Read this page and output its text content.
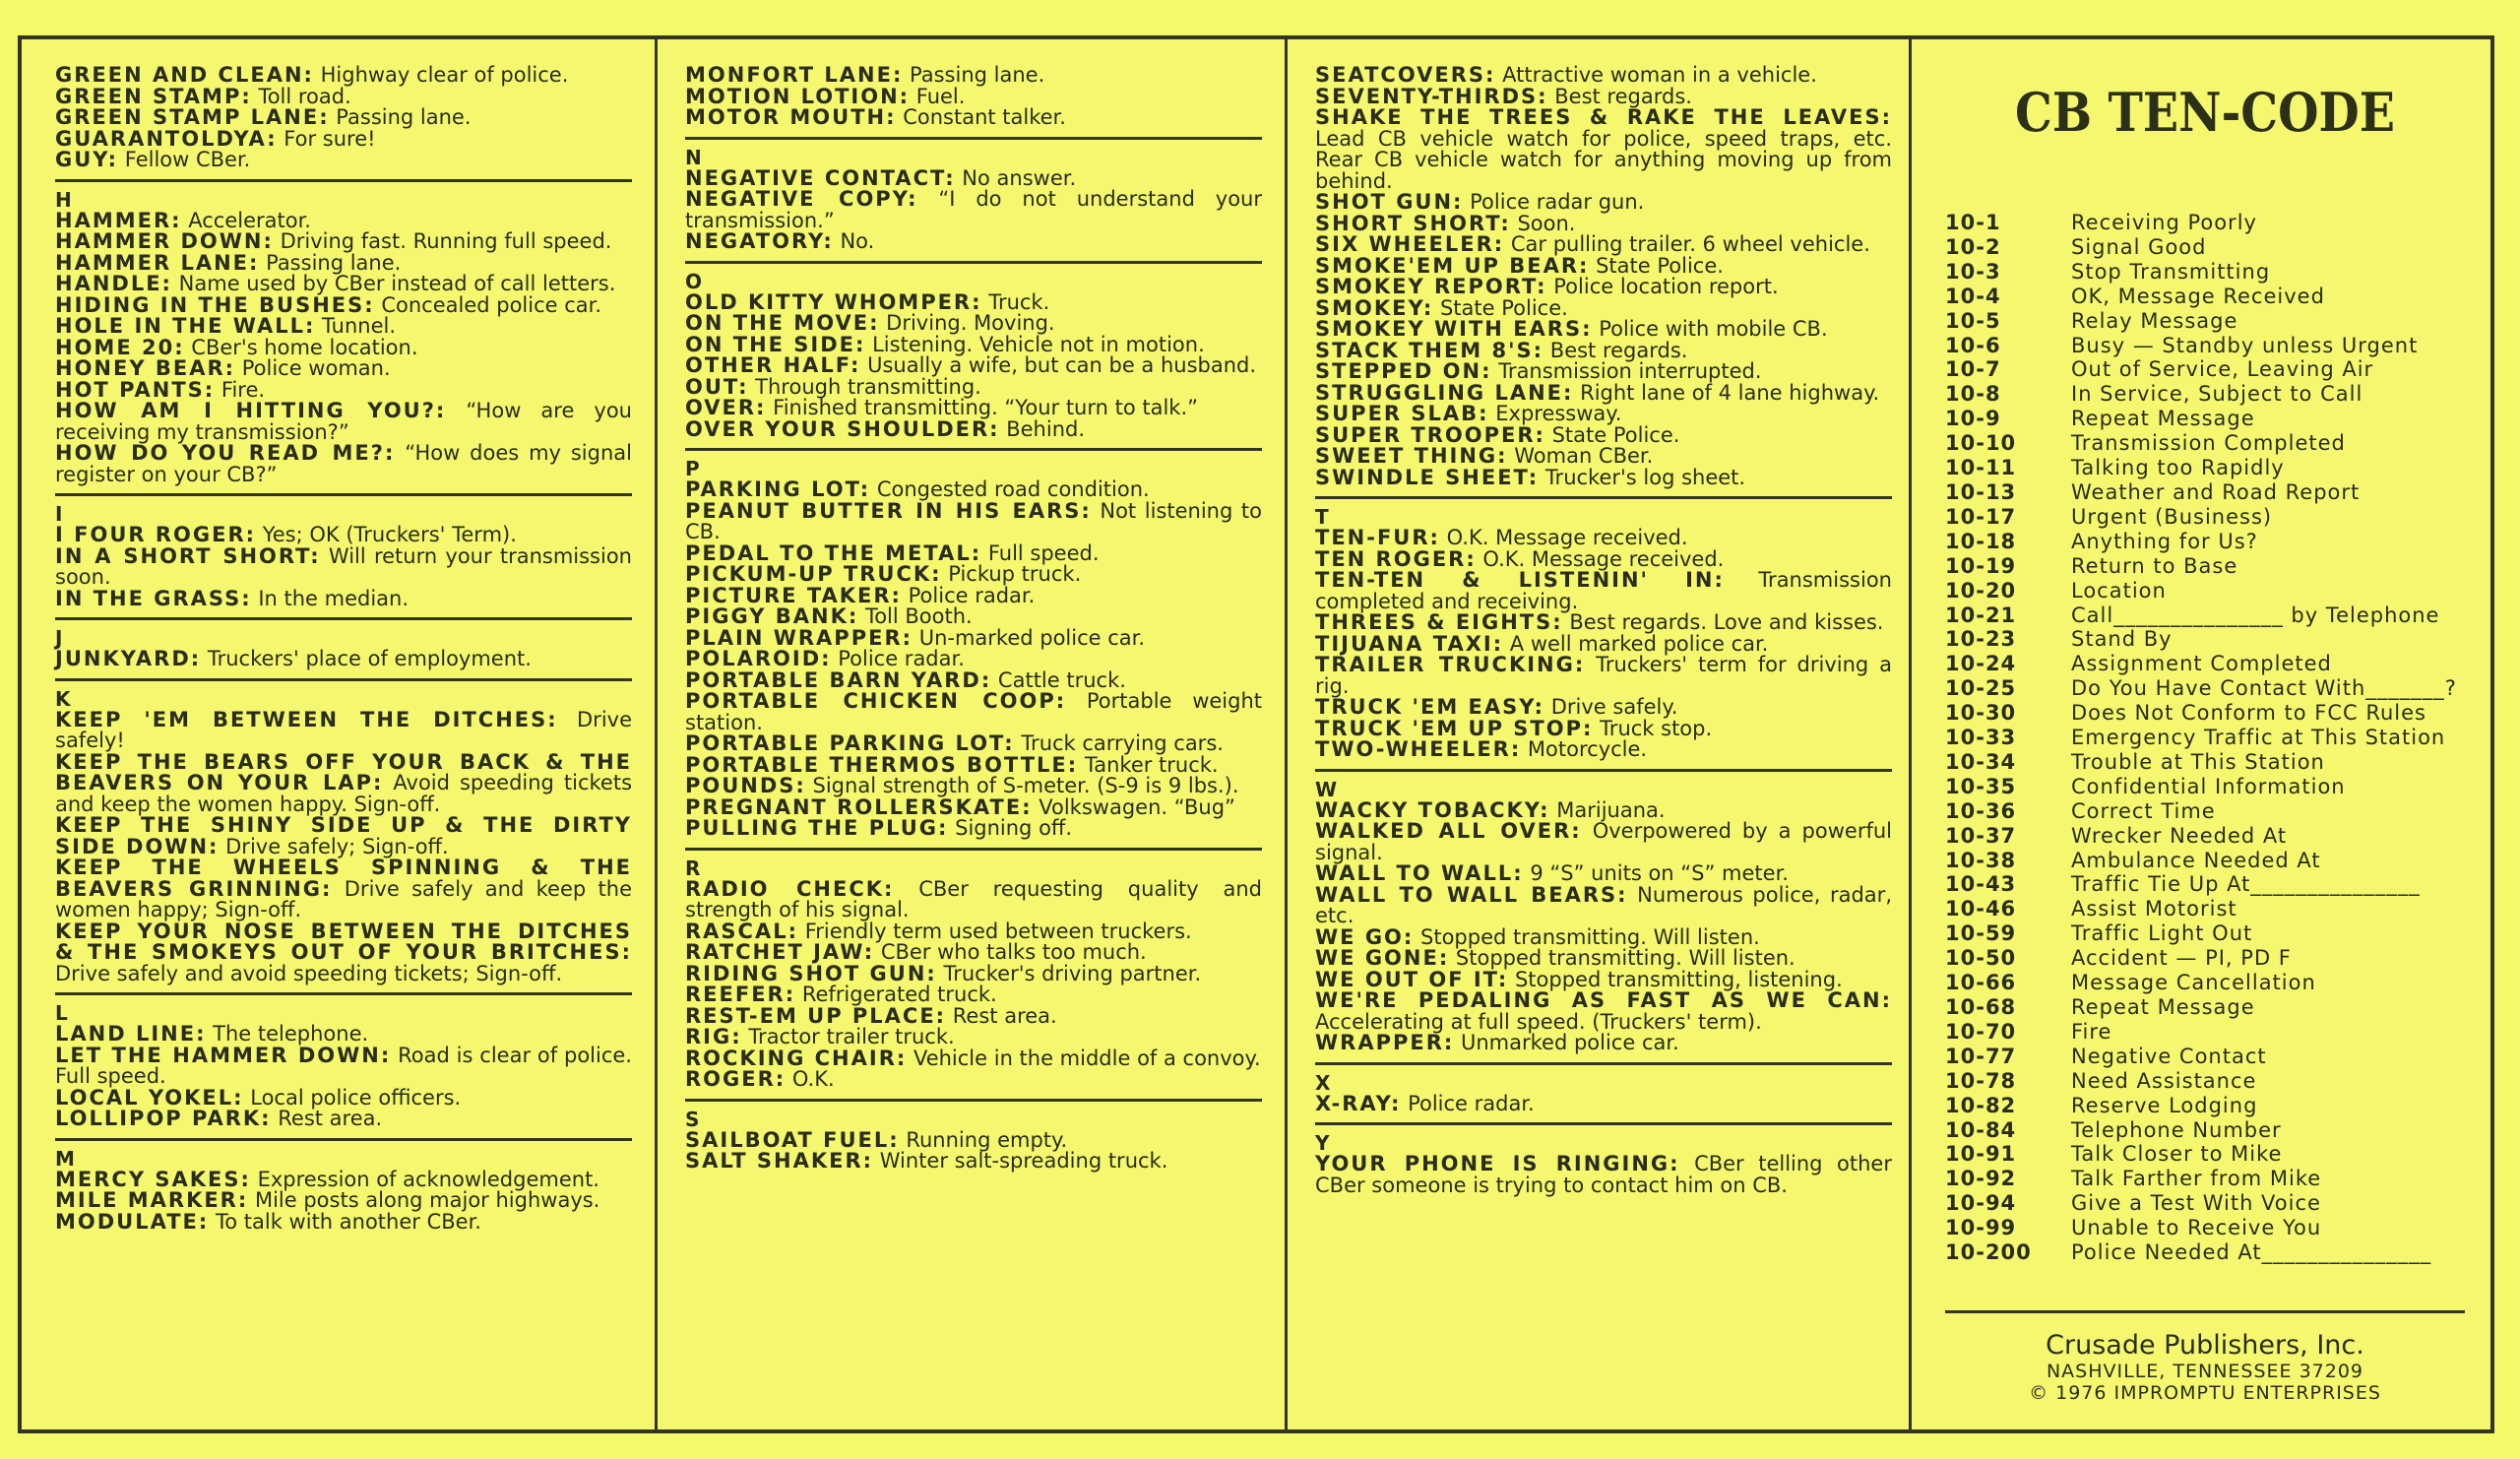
GREEN AND CLEAN: Highway clear of police.
GREEN STAMP: Toll road.
GREEN STAMP LANE: Passing lane.
GUARANTOLDYA: For sure!
GUY: Fellow CBer.
H
HAMMER: Accelerator.
HAMMER DOWN: Driving fast. Running full speed.
HAMMER LANE: Passing lane.
HANDLE: Name used by CBer instead of call letters.
HIDING IN THE BUSHES: Concealed police car.
HOLE IN THE WALL: Tunnel.
HOME 20: CBer's home location.
HONEY BEAR: Police woman.
HOT PANTS: Fire.
HOW AM I HITTING YOU?: “How are you receiving my transmission?”
HOW DO YOU READ ME?: “How does my signal register on your CB?”
I
I FOUR ROGER: Yes; OK (Truckers' Term).
IN A SHORT SHORT: Will return your transmission soon.
IN THE GRASS: In the median.
J
JUNKYARD: Truckers' place of employment.
K
KEEP 'EM BETWEEN THE DITCHES: Drive safely!
KEEP THE BEARS OFF YOUR BACK & THE BEAVERS ON YOUR LAP: Avoid speeding tickets and keep the women happy. Sign-off.
KEEP THE SHINY SIDE UP & THE DIRTY SIDE DOWN: Drive safely; Sign-off.
KEEP THE WHEELS SPINNING & THE BEAVERS GRINNING: Drive safely and keep the women happy; Sign-off.
KEEP YOUR NOSE BETWEEN THE DITCHES & THE SMOKEYS OUT OF YOUR BRITCHES: Drive safely and avoid speeding tickets; Sign-off.
L
LAND LINE: The telephone.
LET THE HAMMER DOWN: Road is clear of police. Full speed.
LOCAL YOKEL: Local police officers.
LOLLIPOP PARK: Rest area.
M
MERCY SAKES: Expression of acknowledgement.
MILE MARKER: Mile posts along major highways.
MODULATE: To talk with another CBer.
MONFORT LANE: Passing lane.
MOTION LOTION: Fuel.
MOTOR MOUTH: Constant talker.
N
NEGATIVE CONTACT: No answer.
NEGATIVE COPY: “I do not understand your transmission.”
NEGATORY: No.
O
OLD KITTY WHOMPER: Truck.
ON THE MOVE: Driving. Moving.
ON THE SIDE: Listening. Vehicle not in motion.
OTHER HALF: Usually a wife, but can be a husband.
OUT: Through transmitting.
OVER: Finished transmitting. “Your turn to talk.”
OVER YOUR SHOULDER: Behind.
P
PARKING LOT: Congested road condition.
PEANUT BUTTER IN HIS EARS: Not listening to CB.
PEDAL TO THE METAL: Full speed.
PICKUM-UP TRUCK: Pickup truck.
PICTURE TAKER: Police radar.
PIGGY BANK: Toll Booth.
PLAIN WRAPPER: Un-marked police car.
POLAROID: Police radar.
PORTABLE BARN YARD: Cattle truck.
PORTABLE CHICKEN COOP: Portable weight station.
PORTABLE PARKING LOT: Truck carrying cars.
PORTABLE THERMOS BOTTLE: Tanker truck.
POUNDS: Signal strength of S-meter. (S-9 is 9 lbs.).
PREGNANT ROLLERSKATE: Volkswagen. “Bug”
PULLING THE PLUG: Signing off.
R
RADIO CHECK: CBer requesting quality and strength of his signal.
RASCAL: Friendly term used between truckers.
RATCHET JAW: CBer who talks too much.
RIDING SHOT GUN: Trucker's driving partner.
REEFER: Refrigerated truck.
REST-EM UP PLACE: Rest area.
RIG: Tractor trailer truck.
ROCKING CHAIR: Vehicle in the middle of a convoy.
ROGER: O.K.
S
SAILBOAT FUEL: Running empty.
SALT SHAKER: Winter salt-spreading truck.
SEATCOVERS: Attractive woman in a vehicle.
SEVENTY-THIRDS: Best regards.
SHAKE THE TREES & RAKE THE LEAVES: Lead CB vehicle watch for police, speed traps, etc. Rear CB vehicle watch for anything moving up from behind.
SHOT GUN: Police radar gun.
SHORT SHORT: Soon.
SIX WHEELER: Car pulling trailer. 6 wheel vehicle.
SMOKE'EM UP BEAR: State Police.
SMOKEY REPORT: Police location report.
SMOKEY: State Police.
SMOKEY WITH EARS: Police with mobile CB.
STACK THEM 8'S: Best regards.
STEPPED ON: Transmission interrupted.
STRUGGLING LANE: Right lane of 4 lane highway.
SUPER SLAB: Expressway.
SUPER TROOPER: State Police.
SWEET THING: Woman CBer.
SWINDLE SHEET: Trucker's log sheet.
T
TEN-FUR: O.K. Message received.
TEN ROGER: O.K. Message received.
TEN-TEN & LISTENIN' IN: Transmission completed and receiving.
THREES & EIGHTS: Best regards. Love and kisses.
TIJUANA TAXI: A well marked police car.
TRAILER TRUCKING: Truckers' term for driving a rig.
TRUCK 'EM EASY: Drive safely.
TRUCK 'EM UP STOP: Truck stop.
TWO-WHEELER: Motorcycle.
W
WACKY TOBACKY: Marijuana.
WALKED ALL OVER: Overpowered by a powerful signal.
WALL TO WALL: 9 “S” units on “S” meter.
WALL TO WALL BEARS: Numerous police, radar, etc.
WE GO: Stopped transmitting. Will listen.
WE GONE: Stopped transmitting. Will listen.
WE OUT OF IT: Stopped transmitting, listening.
WE'RE PEDALING AS FAST AS WE CAN: Accelerating at full speed. (Truckers' term).
WRAPPER: Unmarked police car.
X
X-RAY: Police radar.
Y
YOUR PHONE IS RINGING: CBer telling other CBer someone is trying to contact him on CB.
CB TEN-CODE
10-1	Receiving Poorly
10-2	Signal Good
10-3	Stop Transmitting
10-4	OK, Message Received
10-5	Relay Message
10-6	Busy — Standby unless Urgent
10-7	Out of Service, Leaving Air
10-8	In Service, Subject to Call
10-9	Repeat Message
10-10	Transmission Completed
10-11	Talking too Rapidly
10-13	Weather and Road Report
10-17	Urgent (Business)
10-18	Anything for Us?
10-19	Return to Base
10-20	Location
10-21	Call_______________ by Telephone
10-23	Stand By
10-24	Assignment Completed
10-25	Do You Have Contact With_______?
10-30	Does Not Conform to FCC Rules
10-33	Emergency Traffic at This Station
10-34	Trouble at This Station
10-35	Confidential Information
10-36	Correct Time
10-37	Wrecker Needed At
10-38	Ambulance Needed At
10-43	Traffic Tie Up At_______________
10-46	Assist Motorist
10-59	Traffic Light Out
10-50	Accident — PI, PD F
10-66	Message Cancellation
10-68	Repeat Message
10-70	Fire
10-77	Negative Contact
10-78	Need Assistance
10-82	Reserve Lodging
10-84	Telephone Number
10-91	Talk Closer to Mike
10-92	Talk Farther from Mike
10-94	Give a Test With Voice
10-99	Unable to Receive You
10-200	Police Needed At_______________
Crusade Publishers, Inc.
NASHVILLE, TENNESSEE 37209
© 1976 IMPROMPTU ENTERPRISES
